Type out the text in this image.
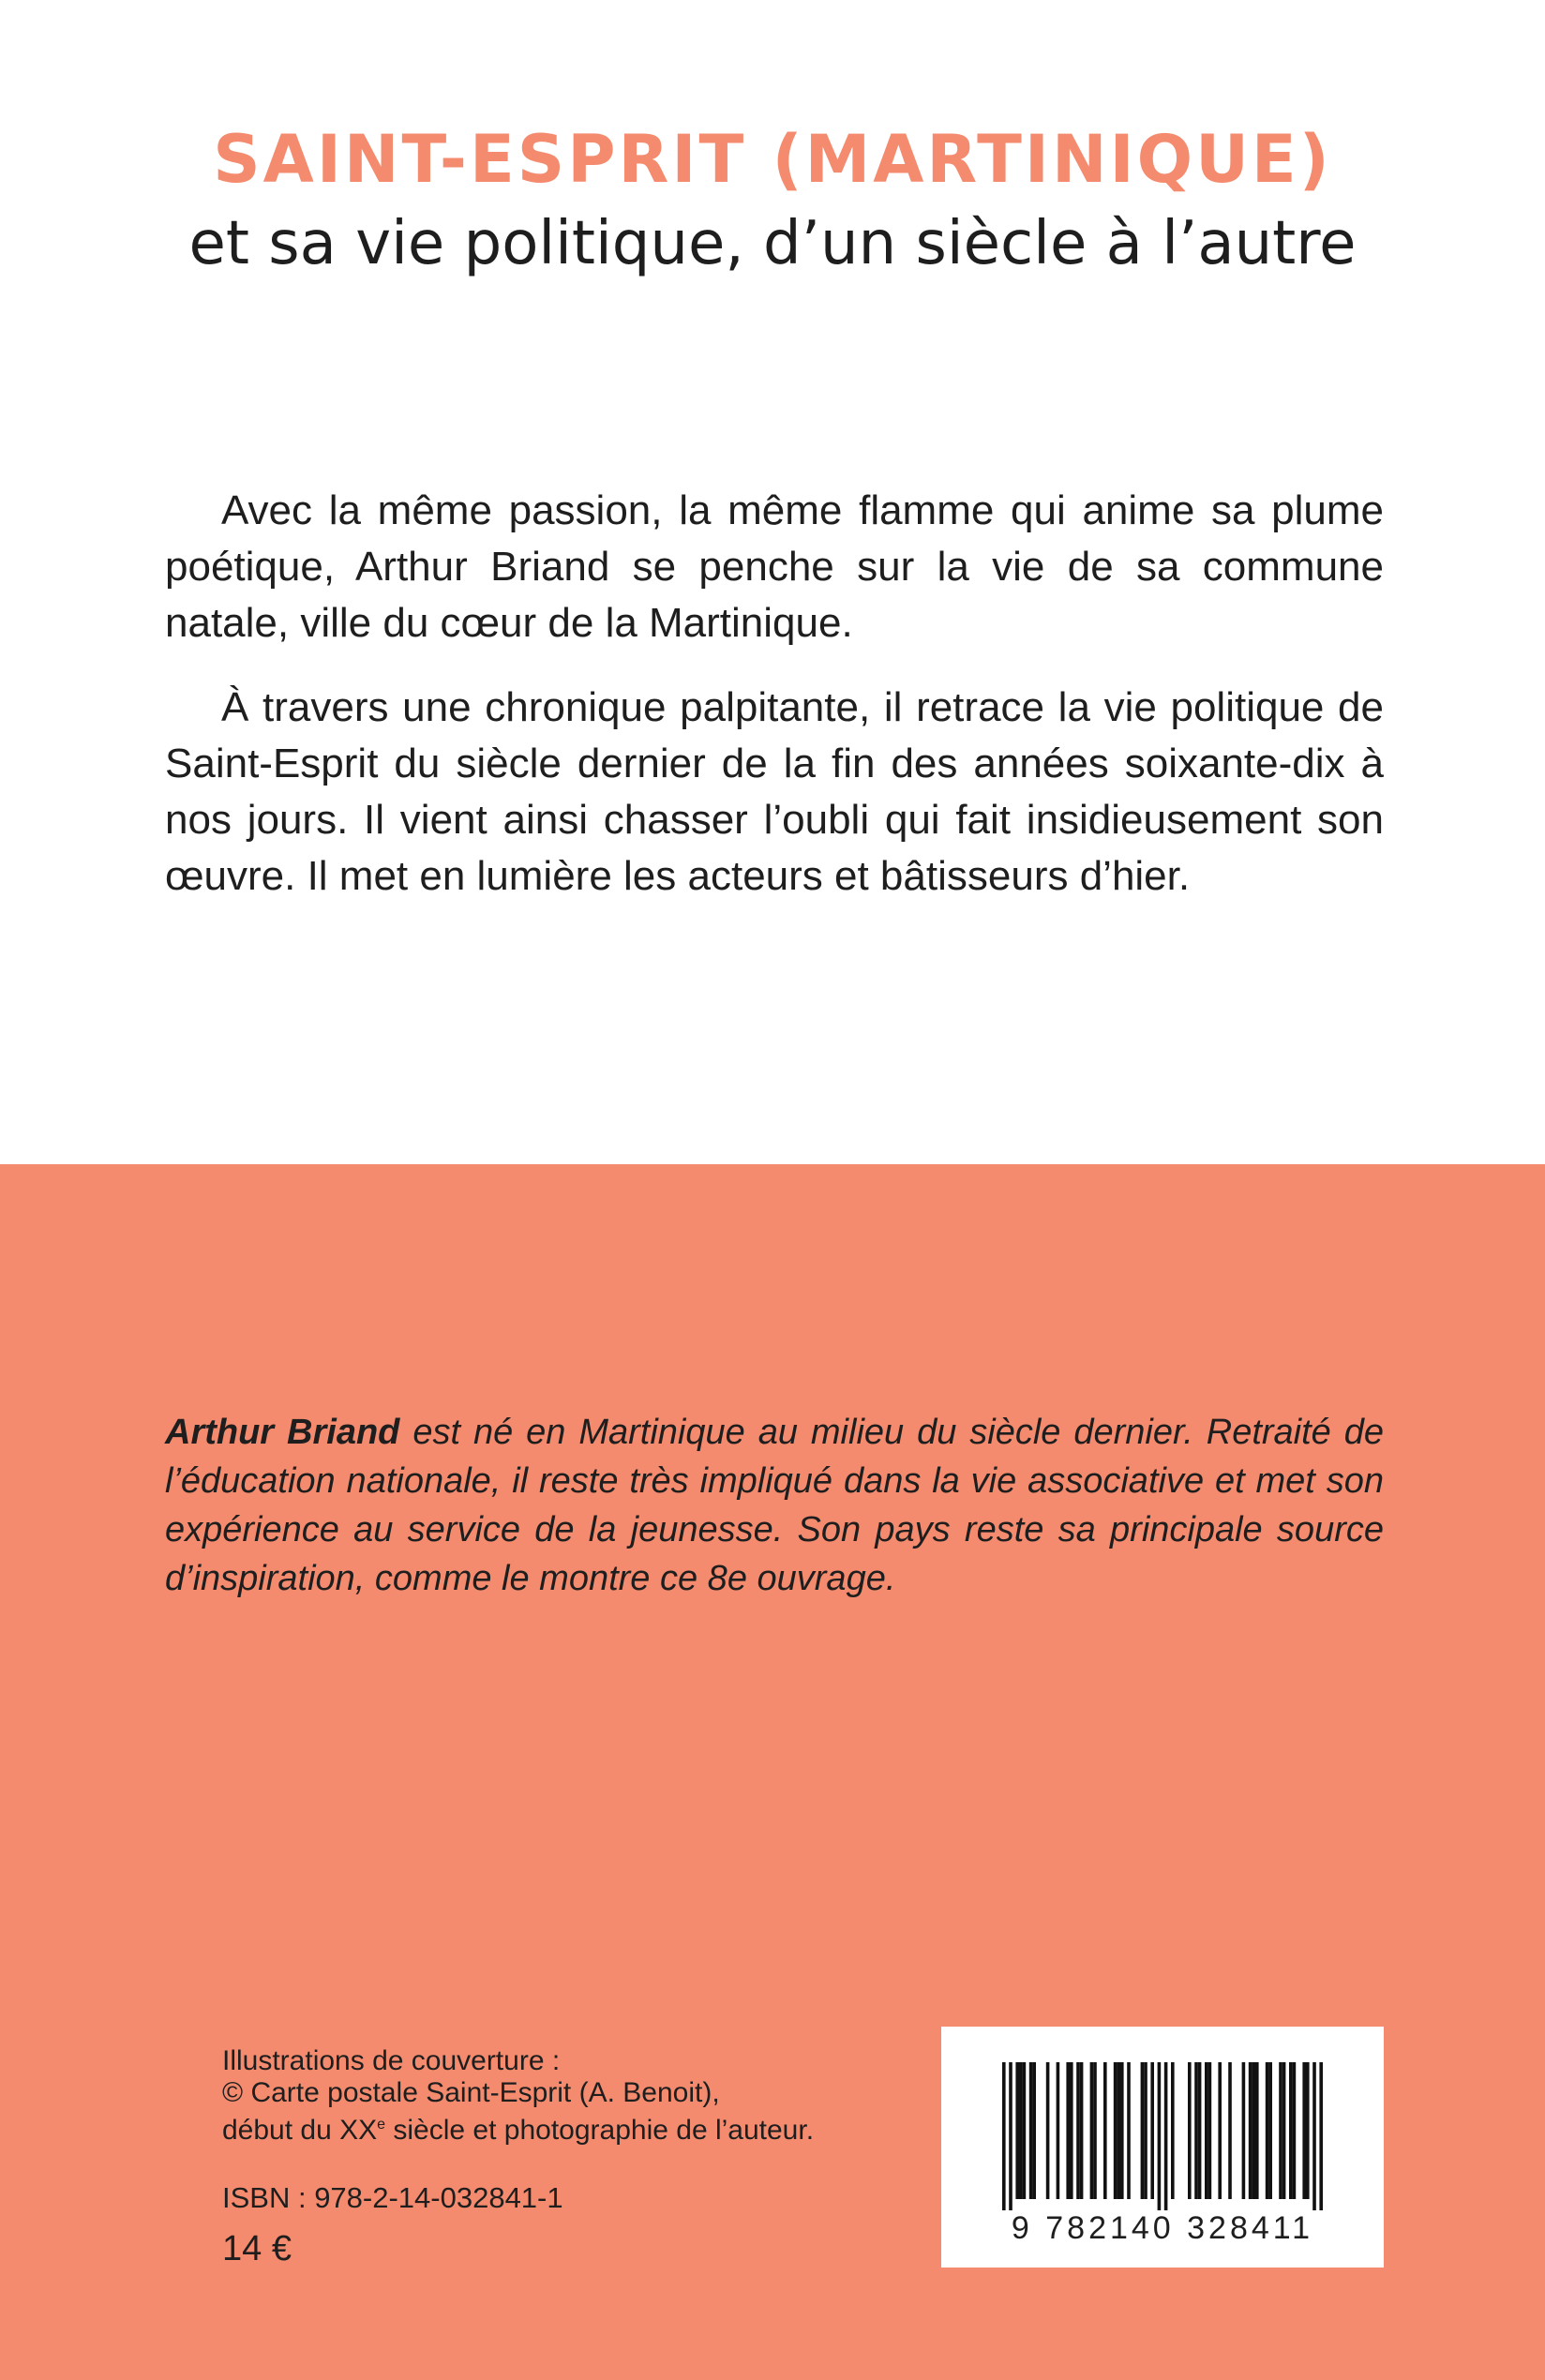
SAINT-ESPRIT (MARTINIQUE)
et sa vie politique, d’un siècle à l’autre

Avec la même passion, la même flamme qui anime sa plume poétique, Arthur Briand se penche sur la vie de sa commune natale, ville du cœur de la Martinique.

À travers une chronique palpitante, il retrace la vie politique de Saint-Esprit du siècle dernier de la fin des années soixante-dix à nos jours. Il vient ainsi chasser l’oubli qui fait insidieusement son œuvre. Il met en lumière les acteurs et bâtisseurs d’hier.

Arthur Briand est né en Martinique au milieu du siècle dernier. Retraité de l’éducation nationale, il reste très impliqué dans la vie associative et met son expérience au service de la jeunesse. Son pays reste sa principale source d’inspiration, comme le montre ce 8e ouvrage.
Illustrations de couverture :
© Carte postale Saint-Esprit (A. Benoit),
début du XXe siècle et photographie de l’auteur.
ISBN : 978-2-14-032841-1
14 €
9 782140 328411
